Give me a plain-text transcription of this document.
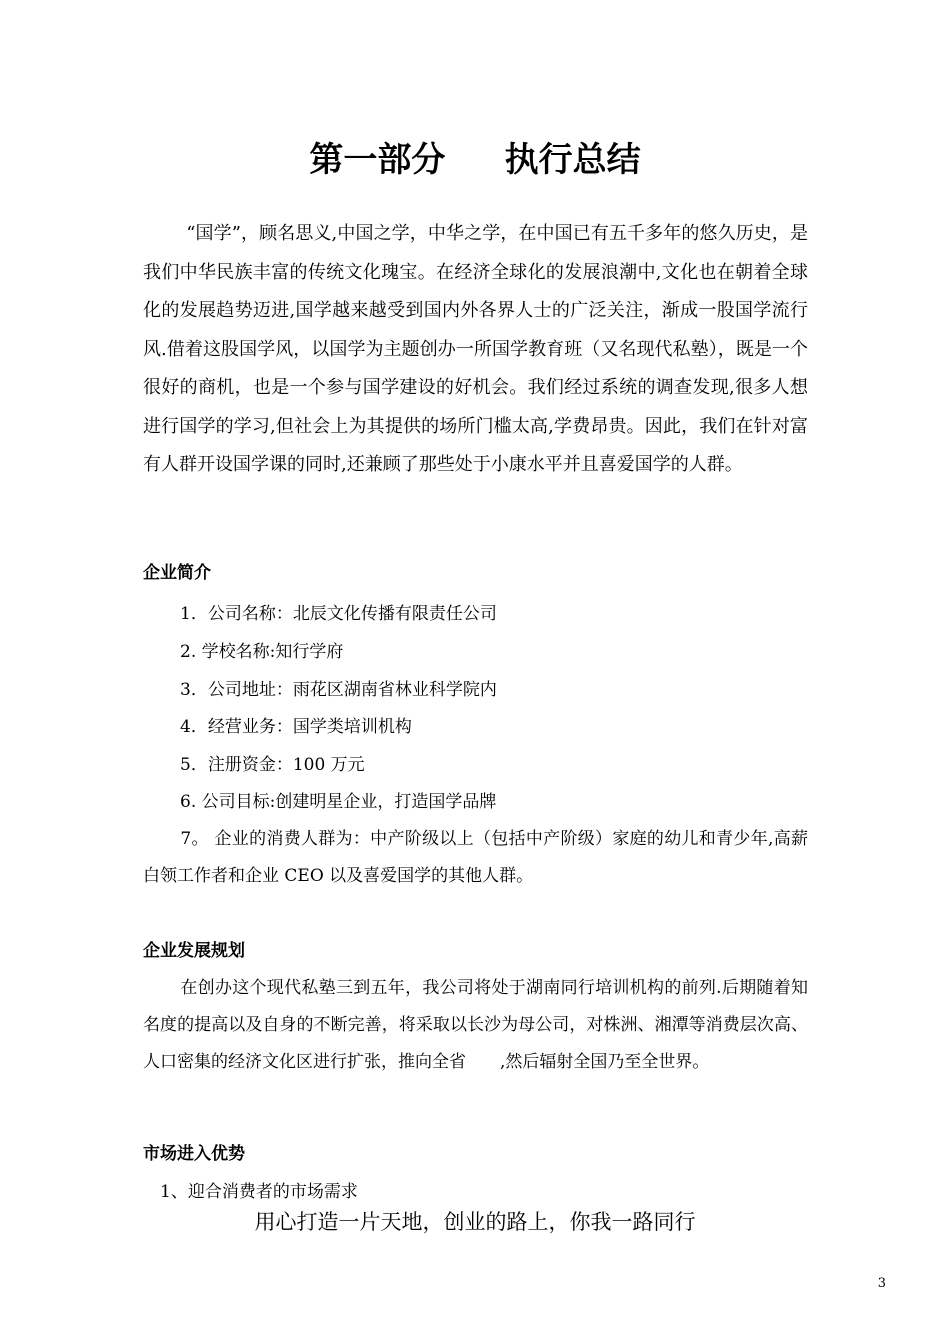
第一部分     执行总结
“国学”，顾名思义,中国之学，中华之学，在中国已有五千多年的悠久历史，是我们中华民族丰富的传统文化瑰宝。在经济全球化的发展浪潮中,文化也在朝着全球化的发展趋势迈进,国学越来越受到国内外各界人士的广泛关注，渐成一股国学流行风.借着这股国学风，以国学为主题创办一所国学教育班（又名现代私塾），既是一个很好的商机，也是一个参与国学建设的好机会。我们经过系统的调查发现,很多人想进行国学的学习,但社会上为其提供的场所门槛太高,学费昂贵。因此，我们在针对富有人群开设国学课的同时,还兼顾了那些处于小康水平并且喜爱国学的人群。
企业简介
1．公司名称：北辰文化传播有限责任公司
2. 学校名称:知行学府
3．公司地址：雨花区湖南省林业科学院内
4．经营业务：国学类培训机构
5．注册资金：100 万元
6. 公司目标:创建明星企业，打造国学品牌
7。 企业的消费人群为：中产阶级以上（包括中产阶级）家庭的幼儿和青少年,高薪白领工作者和企业 CEO 以及喜爱国学的其他人群。
企业发展规划
在创办这个现代私塾三到五年，我公司将处于湖南同行培训机构的前列.后期随着知名度的提高以及自身的不断完善，将采取以长沙为母公司，对株洲、湘潭等消费层次高、人口密集的经济文化区进行扩张，推向全省　　,然后辐射全国乃至全世界。
市场进入优势
1、迎合消费者的市场需求
用心打造一片天地，创业的路上，你我一路同行
3
